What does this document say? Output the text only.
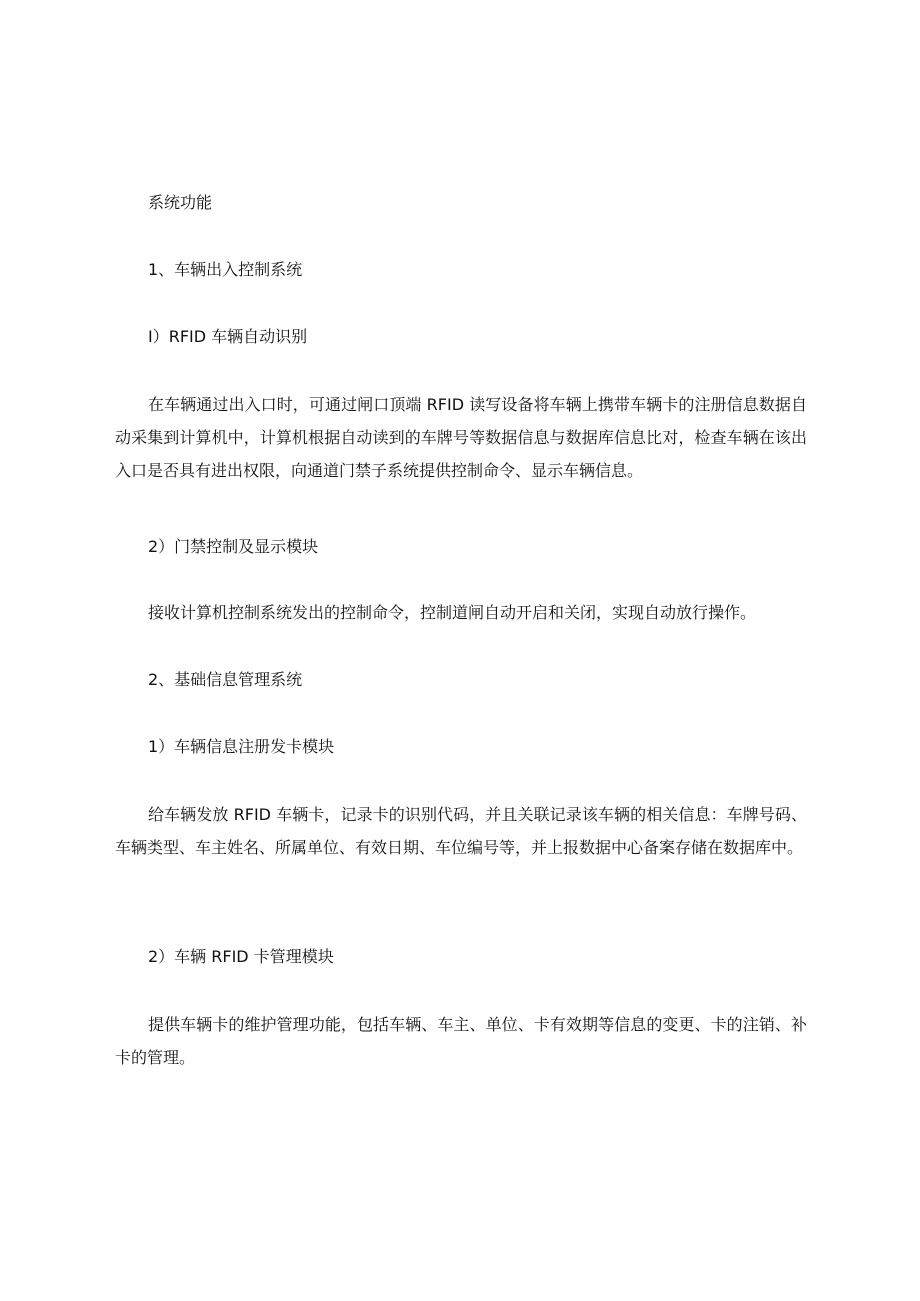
系统功能

1、车辆出入控制系统

I）RFID 车辆自动识别

在车辆通过出入口时，可通过闸口顶端 RFID 读写设备将车辆上携带车辆卡的注册信息数据自动采集到计算机中，计算机根据自动读到的车牌号等数据信息与数据库信息比对，检查车辆在该出入口是否具有进出权限，向通道门禁子系统提供控制命令、显示车辆信息。

2）门禁控制及显示模块

接收计算机控制系统发出的控制命令，控制道闸自动开启和关闭，实现自动放行操作。

2、基础信息管理系统

1）车辆信息注册发卡模块

给车辆发放 RFID 车辆卡，记录卡的识别代码，并且关联记录该车辆的相关信息：车牌号码、车辆类型、车主姓名、所属单位、有效日期、车位编号等，并上报数据中心备案存储在数据库中。

2）车辆 RFID 卡管理模块

提供车辆卡的维护管理功能，包括车辆、车主、单位、卡有效期等信息的变更、卡的注销、补卡的管理。
